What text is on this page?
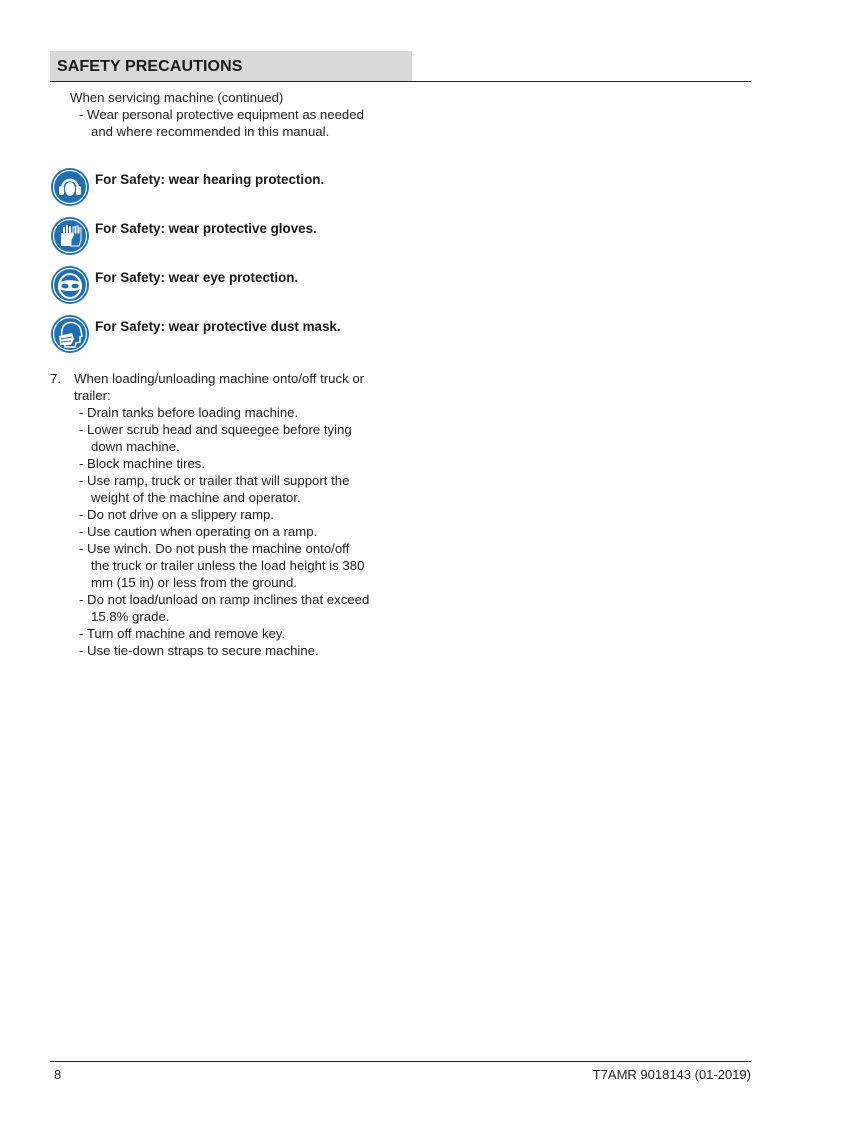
SAFETY PRECAUTIONS
When servicing machine (continued)
- Wear personal protective equipment as needed
and where recommended in this manual.
For Safety: wear hearing protection.
For Safety: wear protective gloves.
For Safety: wear eye protection.
For Safety: wear protective dust mask.
7. When loading/unloading machine onto/off truck or
trailer:
- Drain tanks before loading machine.
- Lower scrub head and squeegee before tying
down machine.
- Block machine tires.
- Use ramp, truck or trailer that will support the
weight of the machine and operator.
- Do not drive on a slippery ramp.
- Use caution when operating on a ramp.
- Use winch. Do not push the machine onto/off
the truck or trailer unless the load height is 380
mm (15 in) or less from the ground.
- Do not load/unload on ramp inclines that exceed
15.8% grade.
- Turn off machine and remove key.
- Use tie-down straps to secure machine.
8	T7AMR 9018143 (01-2019)
